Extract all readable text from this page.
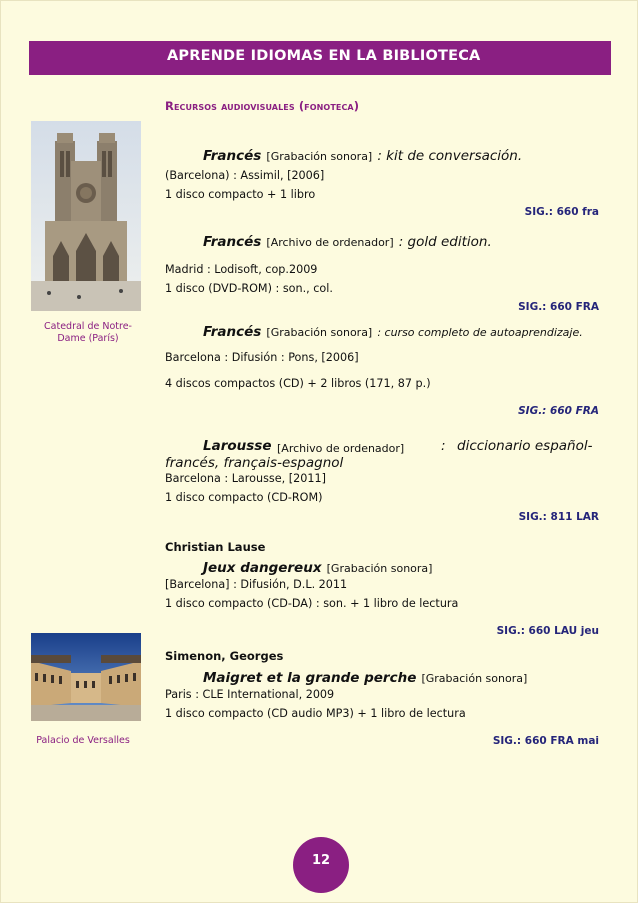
APRENDE IDIOMAS EN LA BIBLIOTECA
Recursos audiovisuales (fonoteca)
Catedral de Notre-Dame (París)
Palacio de Versalles
Francés [Grabación sonora] : kit de conversación.
(Barcelona) : Assimil, [2006]
1 disco compacto + 1 libro
SIG.: 660 fra
Francés [Archivo de ordenador] : gold edition.
Madrid : Lodisoft, cop.2009
1 disco (DVD-ROM) : son., col.
SIG.: 660 FRA
Francés [Grabación sonora] : curso completo de autoaprendizaje.
Barcelona : Difusión : Pons, [2006]
4 discos compactos (CD) + 2 libros (171, 87 p.)
SIG.: 660 FRA
Larousse [Archivo de ordenador]	: diccionario español-
francés, français-espagnol
Barcelona : Larousse, [2011]
1 disco compacto (CD-ROM)
SIG.: 811 LAR
Christian Lause
Jeux dangereux [Grabación sonora]
[Barcelona] : Difusión, D.L. 2011
1 disco compacto (CD-DA) : son. + 1 libro de lectura
SIG.: 660 LAU jeu
Simenon, Georges
Maigret et la grande perche [Grabación sonora]
Paris : CLE International, 2009
1 disco compacto (CD audio MP3) + 1 libro de lectura
SIG.: 660 FRA mai
12
